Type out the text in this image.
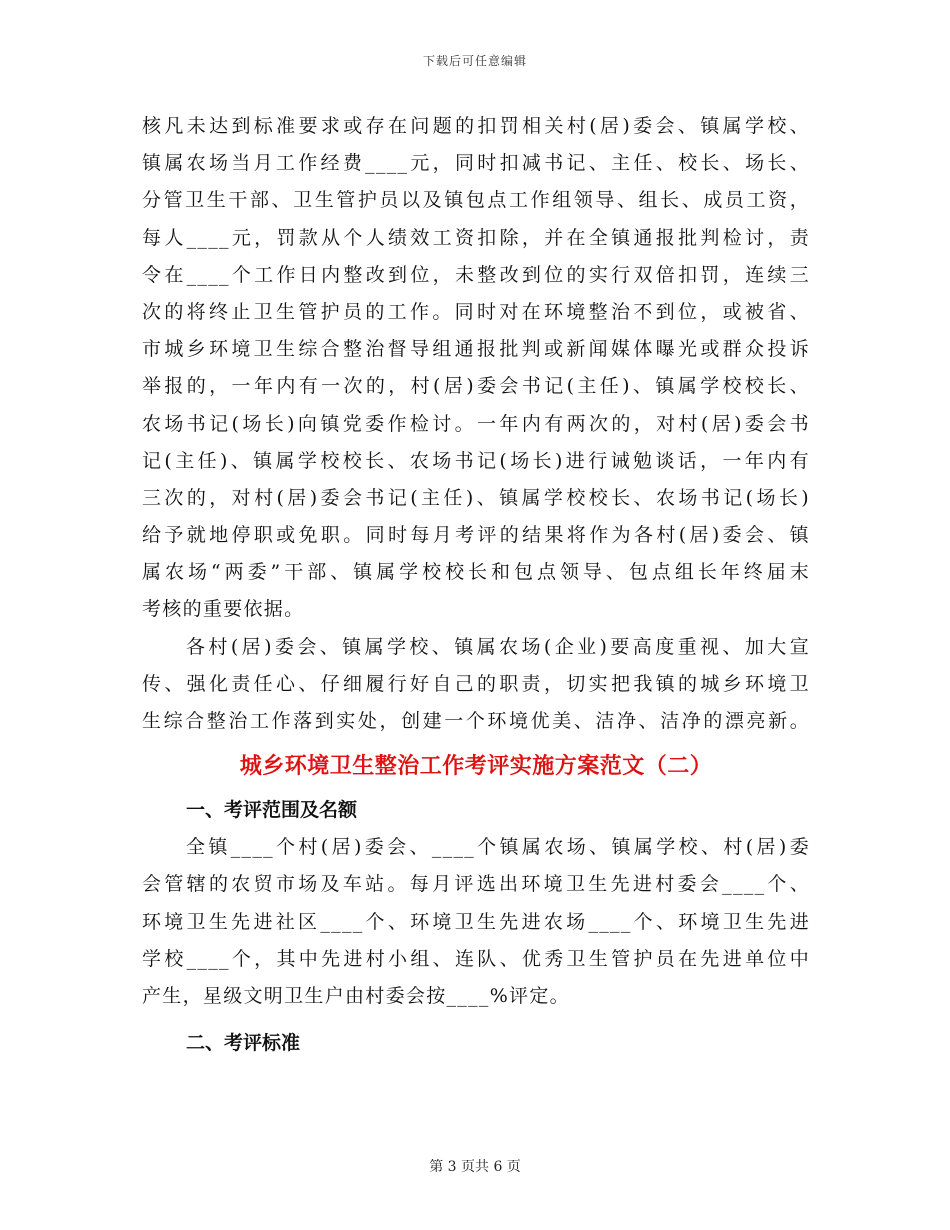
下载后可任意编辑
核凡未达到标准要求或存在问题的扣罚相关村(居)委会、镇属学校、
镇属农场当月工作经费____元，同时扣减书记、主任、校长、场长、
分管卫生干部、卫生管护员以及镇包点工作组领导、组长、成员工资，
每人____元，罚款从个人绩效工资扣除，并在全镇通报批判检讨，责
令在____个工作日内整改到位，未整改到位的实行双倍扣罚，连续三
次的将终止卫生管护员的工作。同时对在环境整治不到位，或被省、
市城乡环境卫生综合整治督导组通报批判或新闻媒体曝光或群众投诉
举报的，一年内有一次的，村(居)委会书记(主任)、镇属学校校长、
农场书记(场长)向镇党委作检讨。一年内有两次的，对村(居)委会书
记(主任)、镇属学校校长、农场书记(场长)进行诫勉谈话，一年内有
三次的，对村(居)委会书记(主任)、镇属学校校长、农场书记(场长)
给予就地停职或免职。同时每月考评的结果将作为各村(居)委会、镇
属农场“两委”干部、镇属学校校长和包点领导、包点组长年终届末
考核的重要依据。
各村(居)委会、镇属学校、镇属农场(企业)要高度重视、加大宣
传、强化责任心、仔细履行好自己的职责，切实把我镇的城乡环境卫
生综合整治工作落到实处，创建一个环境优美、洁净、洁净的漂亮新。
城乡环境卫生整治工作考评实施方案范文（二）
一、考评范围及名额
全镇____个村(居)委会、____个镇属农场、镇属学校、村(居)委
会管辖的农贸市场及车站。每月评选出环境卫生先进村委会____个、
环境卫生先进社区____个、环境卫生先进农场____个、环境卫生先进
学校____个，其中先进村小组、连队、优秀卫生管护员在先进单位中
产生，星级文明卫生户由村委会按____%评定。
二、考评标准
第 3 页共 6 页
